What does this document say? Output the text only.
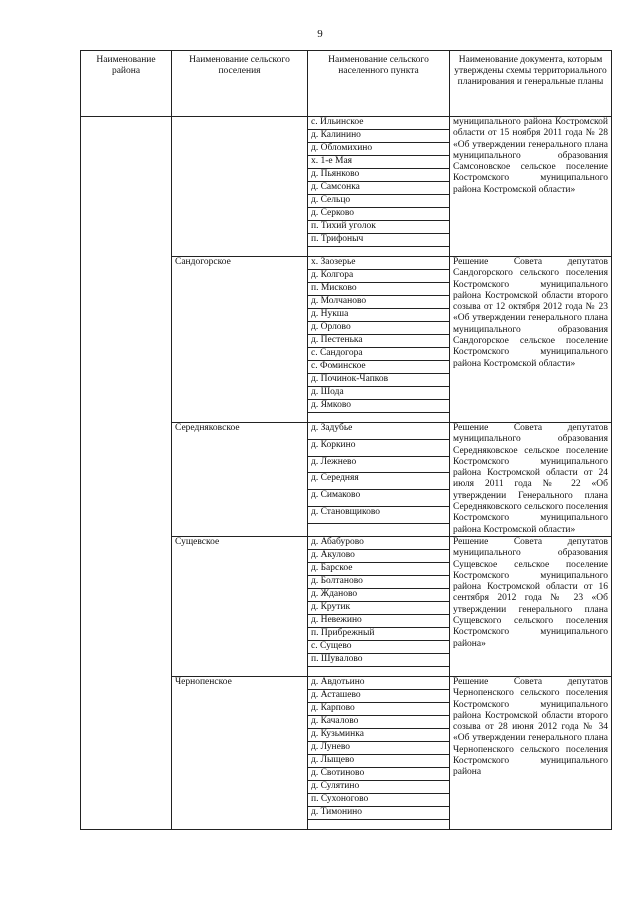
9
Наименование района	Наименование сельского поселения	Наименование сельского населенного пункта	Наименование документа, которым утверждены схемы территориального планирования и генеральные планы
		с. Ильинское	муниципального района Костромской области от 15 ноября 2011 года № 28 «Об утверждении генерального плана муниципального образования Самсоновское сельское поселение Костромского муниципального района Костромской области»
		д. Калинино	
		д. Обломихино	
		х. 1-е Мая	
		д. Пьянково	
		д. Самсонка	
		д. Сельцо	
		д. Серково	
		п. Тихий уголок	
		п. Трифоныч	

	Сандогорское	х. Заозерье	Решение Совета депутатов Сандогорского сельского поселения Костромского муниципального района Костромской области второго созыва от 12 октября 2012 года № 23 «Об утверждении генерального плана муниципального образования Сандогорское сельское поселение Костромского муниципального района Костромской области»
		д. Колгора	
		п. Мисково	
		д. Молчаново	
		д. Нукша	
		д. Орлово	
		д. Пестенька	
		с. Сандогора	
		с. Фоминское	
		д. Починок-Чапков	
		д. Шода	
		д. Ямково	

	Середняковское	д. Задубье	Решение Совета депутатов муниципального образования Середняковское сельское поселение Костромского муниципального района Костромской области от 24 июля 2011 года № 22 «Об утверждении Генерального плана Середняковского сельского поселения Костромского муниципального района Костромской области»
		д. Коркино	
		д. Лежнево	
		д. Середняя	
		д. Симаково	
		д. Становщиково	

	Сущевское	д. Абабурово	Решение Совета депутатов муниципального образования Сущевское сельское поселение Костромского муниципального района Костромской области от 16 сентября 2012 года № 23 «Об утверждении генерального плана Сущевского сельского поселения Костромского муниципального района»
		д. Акулово	
		д. Барское	
		д. Болтаново	
		д. Жданово	
		д. Крутик	
		д. Невежино	
		п. Прибрежный	
		с. Сущево	
		п. Шувалово	

	Чернопенское	д. Авдотьино	Решение Совета депутатов Чернопенского сельского поселения Костромского муниципального района Костромской области второго созыва от 28 июня 2012 года № 34 «Об утверждении генерального плана Чернопенского сельского поселения Костромского муниципального района
		д. Асташево	
		д. Карпово	
		д. Качалово	
		д. Кузьминка	
		д. Лунево	
		д. Лыщево	
		д. Свотиново	
		д. Сулятино	
		п. Сухоногово	
		д. Тимонино	
